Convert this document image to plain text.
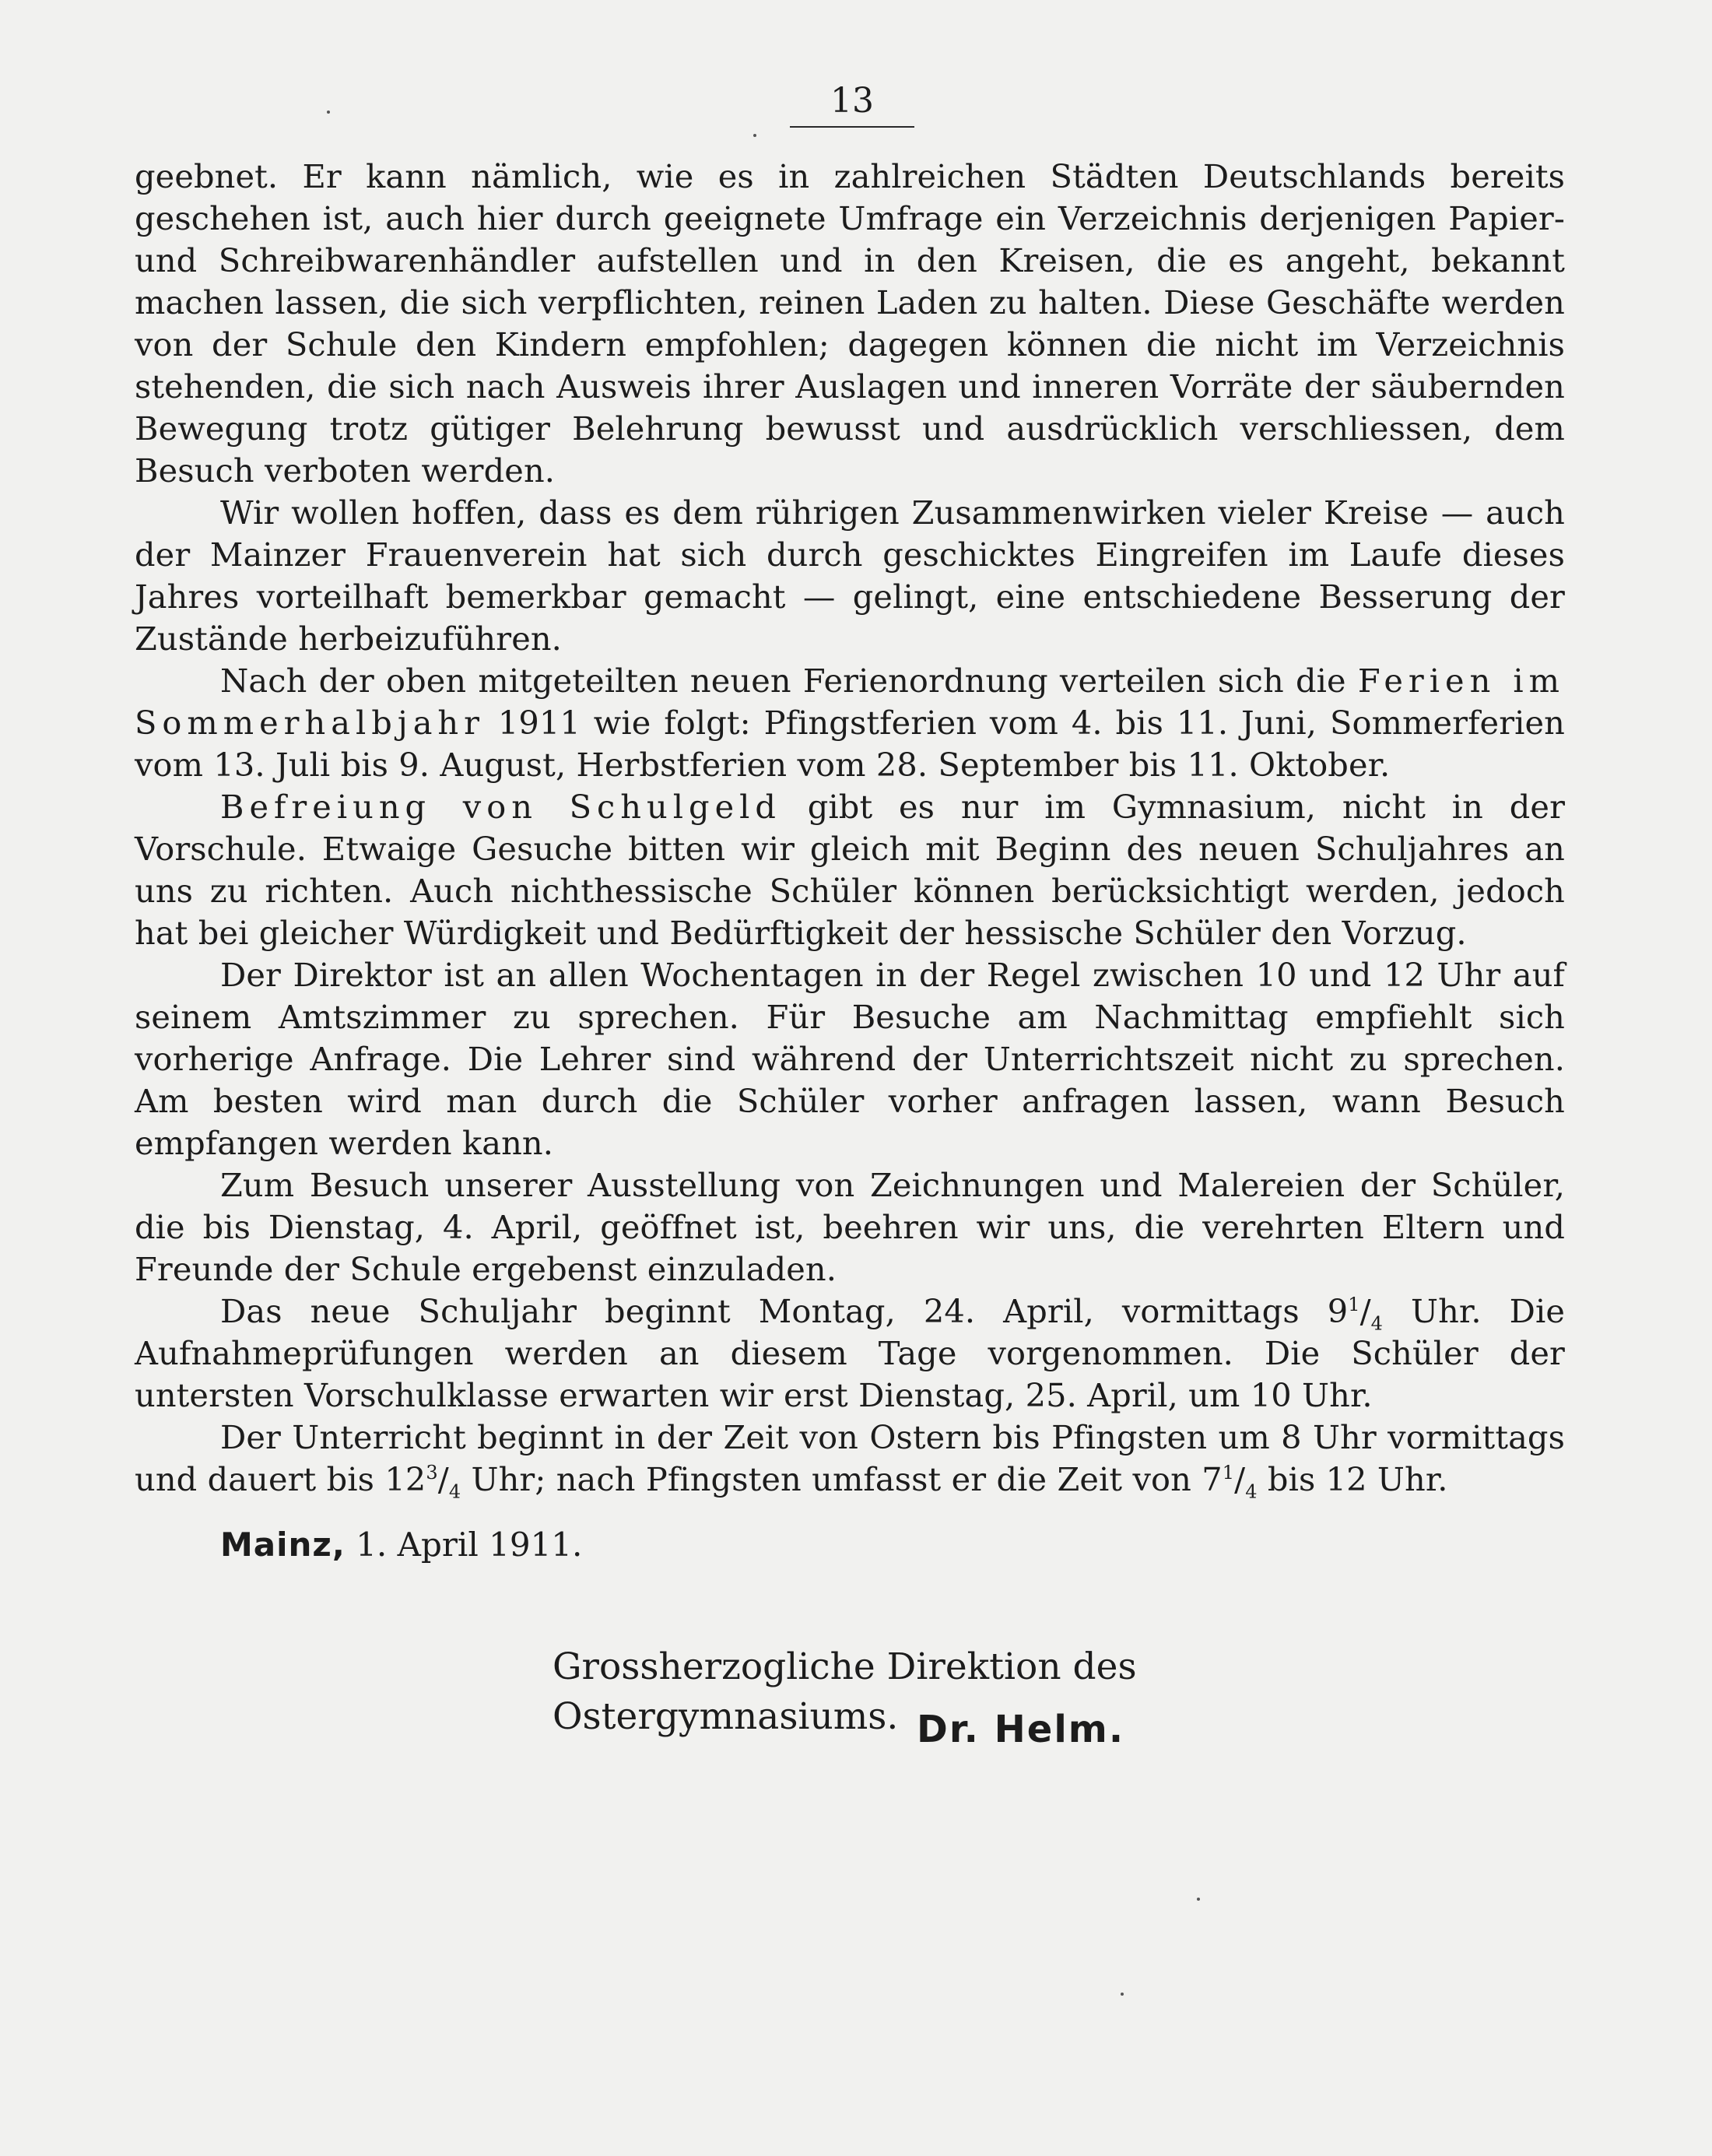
13

geebnet. Er kann nämlich, wie es in zahlreichen Städten Deutschlands bereits geschehen ist, auch hier durch geeignete Umfrage ein Verzeichnis derjenigen Papier- und Schreibwarenhändler aufstellen und in den Kreisen, die es angeht, bekannt machen lassen, die sich verpflichten, reinen Laden zu halten. Diese Geschäfte werden von der Schule den Kindern empfohlen; dagegen können die nicht im Verzeichnis stehenden, die sich nach Ausweis ihrer Auslagen und inneren Vorräte der säubernden Bewegung trotz gütiger Belehrung bewusst und ausdrücklich verschliessen, dem Besuch verboten werden.

Wir wollen hoffen, dass es dem rührigen Zusammenwirken vieler Kreise — auch der Mainzer Frauenverein hat sich durch geschicktes Eingreifen im Laufe dieses Jahres vorteilhaft bemerkbar gemacht — gelingt, eine entschiedene Besserung der Zustände herbeizuführen.

Nach der oben mitgeteilten neuen Ferienordnung verteilen sich die Ferien im Sommerhalbjahr 1911 wie folgt: Pfingstferien vom 4. bis 11. Juni, Sommerferien vom 13. Juli bis 9. August, Herbstferien vom 28. September bis 11. Oktober.

Befreiung von Schulgeld gibt es nur im Gymnasium, nicht in der Vorschule. Etwaige Gesuche bitten wir gleich mit Beginn des neuen Schuljahres an uns zu richten. Auch nichthessische Schüler können berücksichtigt werden, jedoch hat bei gleicher Würdigkeit und Bedürftigkeit der hessische Schüler den Vorzug.

Der Direktor ist an allen Wochentagen in der Regel zwischen 10 und 12 Uhr auf seinem Amtszimmer zu sprechen. Für Besuche am Nachmittag empfiehlt sich vorherige Anfrage. Die Lehrer sind während der Unterrichtszeit nicht zu sprechen. Am besten wird man durch die Schüler vorher anfragen lassen, wann Besuch empfangen werden kann.

Zum Besuch unserer Ausstellung von Zeichnungen und Malereien der Schüler, die bis Dienstag, 4. April, geöffnet ist, beehren wir uns, die verehrten Eltern und Freunde der Schule ergebenst einzuladen.

Das neue Schuljahr beginnt Montag, 24. April, vormittags $9^1/_4$ Uhr. Die Aufnahmeprüfungen werden an diesem Tage vorgenommen. Die Schüler der untersten Vorschulklasse erwarten wir erst Dienstag, 25. April, um 10 Uhr.

Der Unterricht beginnt in der Zeit von Ostern bis Pfingsten um 8 Uhr vormittags und dauert bis $12^3/_4$ Uhr; nach Pfingsten umfasst er die Zeit von $7^1/_4$ bis 12 Uhr.

Mainz, 1. April 1911.
Grossherzogliche Direktion des Ostergymnasiums. Dr. Helm.
